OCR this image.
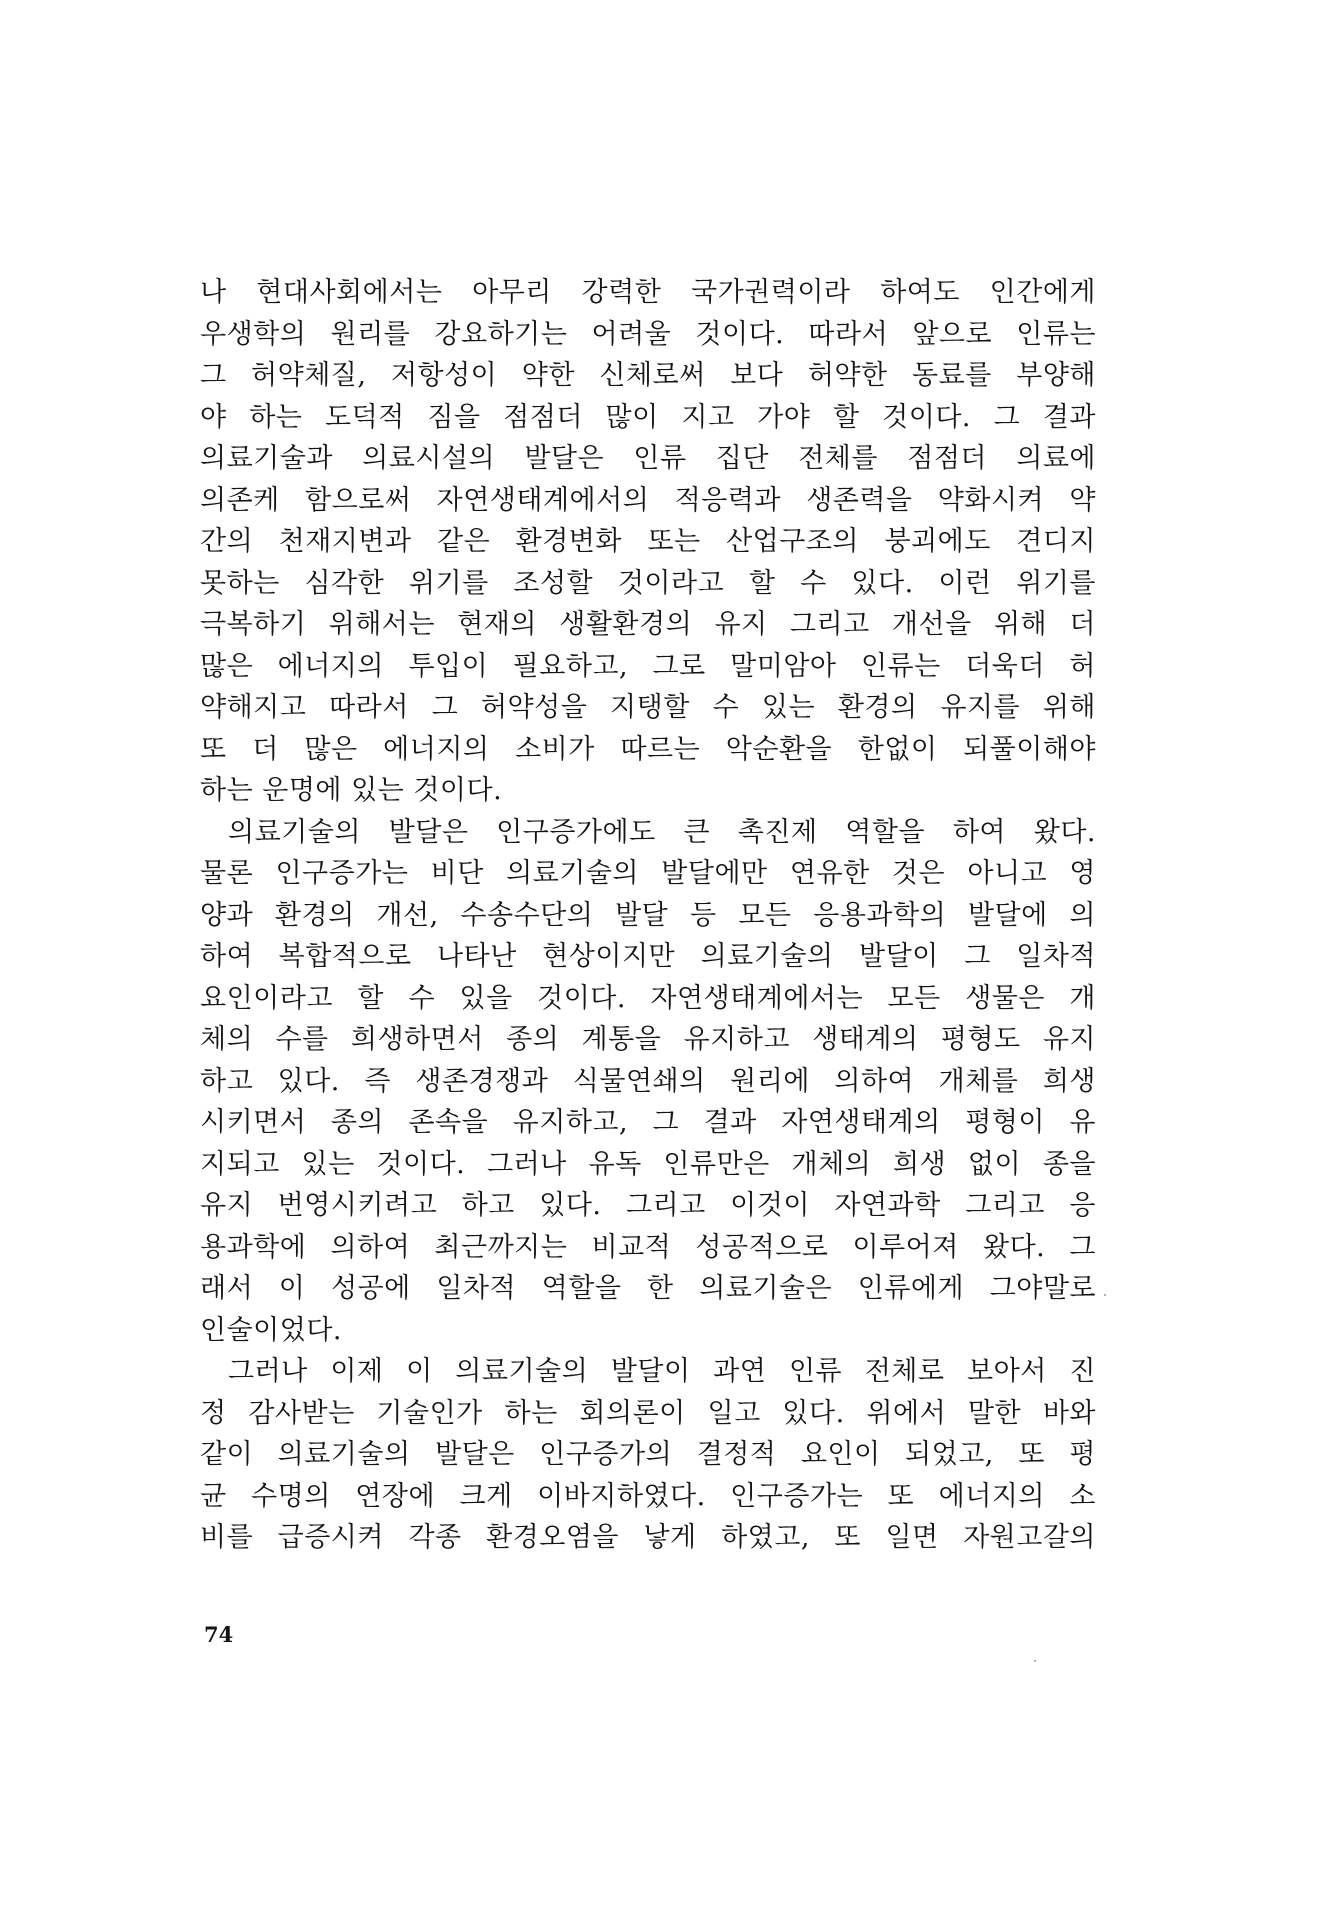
나 현대사회에서는 아무리 강력한 국가권력이라 하여도 인간에게
우생학의 원리를 강요하기는 어려울 것이다. 따라서 앞으로 인류는
그 허약체질, 저항성이 약한 신체로써 보다 허약한 동료를 부양해
야 하는 도덕적 짐을 점점더 많이 지고 가야 할 것이다. 그 결과
의료기술과 의료시설의 발달은 인류 집단 전체를 점점더 의료에
의존케 함으로써 자연생태계에서의 적응력과 생존력을 약화시켜 약
간의 천재지변과 같은 환경변화 또는 산업구조의 붕괴에도 견디지
못하는 심각한 위기를 조성할 것이라고 할 수 있다. 이런 위기를
극복하기 위해서는 현재의 생활환경의 유지 그리고 개선을 위해 더
많은 에너지의 투입이 필요하고, 그로 말미암아 인류는 더욱더 허
약해지고 따라서 그 허약성을 지탱할 수 있는 환경의 유지를 위해
또 더 많은 에너지의 소비가 따르는 악순환을 한없이 되풀이해야
하는 운명에 있는 것이다.
의료기술의 발달은 인구증가에도 큰 촉진제 역할을 하여 왔다.
물론 인구증가는 비단 의료기술의 발달에만 연유한 것은 아니고 영
양과 환경의 개선, 수송수단의 발달 등 모든 응용과학의 발달에 의
하여 복합적으로 나타난 현상이지만 의료기술의 발달이 그 일차적
요인이라고 할 수 있을 것이다. 자연생태계에서는 모든 생물은 개
체의 수를 희생하면서 종의 계통을 유지하고 생태계의 평형도 유지
하고 있다. 즉 생존경쟁과 식물연쇄의 원리에 의하여 개체를 희생
시키면서 종의 존속을 유지하고, 그 결과 자연생태계의 평형이 유
지되고 있는 것이다. 그러나 유독 인류만은 개체의 희생 없이 종을
유지 번영시키려고 하고 있다. 그리고 이것이 자연과학 그리고 응
용과학에 의하여 최근까지는 비교적 성공적으로 이루어져 왔다. 그
래서 이 성공에 일차적 역할을 한 의료기술은 인류에게 그야말로
인술이었다.
그러나 이제 이 의료기술의 발달이 과연 인류 전체로 보아서 진
정 감사받는 기술인가 하는 회의론이 일고 있다. 위에서 말한 바와
같이 의료기술의 발달은 인구증가의 결정적 요인이 되었고, 또 평
균 수명의 연장에 크게 이바지하였다. 인구증가는 또 에너지의 소
비를 급증시켜 각종 환경오염을 낳게 하였고, 또 일면 자원고갈의
74
